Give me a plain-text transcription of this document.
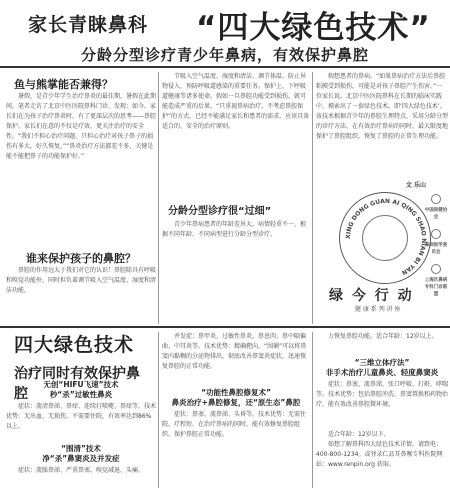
家长青睐鼻科 “四大绿色技术”
分龄分型诊疗青少年鼻病，有效保护鼻腔
鱼与熊掌能否兼得？

暑假，是青少年学生治疗鼻炎的最佳期，暑假在此期间，笔者走访了北京中医医院鼻科门诊，发现：如今，家长们在为孩子治疗鼻炎时，有了更深层次的思考——鼻腔保护。家长们在意的不仅是疗效，更关注治疗的安全性。“我们不担心治疗问题，只担心治疗对孩子鼻子的损伤有多大，好久恢复。”“鼻炎治疗方法都差不多，关键是能不能把鼻子的功能保护好。”

谁来保护孩子的鼻腔？

鼻腔的作用远大于我们对它的认识！鼻腔除具有呼吸和嗅觉功能外，同时担负着调节吸入空气温度、湿度和清洁功能。

节吸入空气温度、湿度和清洁、调节体温、防止异物侵入、预防呼吸道感染的重要任务。保护上、下呼吸道健康等诸多使命。假如一旦鼻腔功能受到损伤，就可能造成严重的后果。“只重视鼻病治疗，不考虑鼻腔保护”的方式，已经不能满足家长和患者的需求，应该具备适合的、安全的治疗原则。

分龄分型诊疗很“过细”

青少年鼻病患者的年龄差异大，病情轻重不一，根据不同年龄、不同病型进行分龄分型诊疗。

假想患者的鼻病。“如果鼻病治疗方法后鼻腔粘膜受到损伤，可能是对孩子鼻腔产生伤害。”一位家长说。北京中医医院鼻科在长期的临床实践中，摸索出了一套绿色技术，即‘四大绿色技术’。该技术根据青少年的鼻腔生理特点，采用分龄分型的诊疗方法，在有效治疗鼻病的同时，最大限度地保护了鼻腔组织，恢复了鼻腔的正常生理功能。

文 乐山
XING DONG GUAN AI QING SHAO NIAN BI YAN
绿 今 行 动
健 康 系 列 讲 座

中国保健协会

鼻病医学委员会

上海区鼻病专科门诊联盟
四大绿色技术
治疗同时有效保护鼻腔
无创“HIFU飞速”技术
秒“杀”过敏性鼻炎

症状：流清鼻涕、鼻痒、连续打喷嚏、鼻痒等。技术优势：无出血、无损伤，不需要住院，有效率达到86%以上。

“围清”技术
净“杀”鼻窦炎及并发症

症状：流脓鼻涕、严重鼻塞、嗅觉减退、头痛。

并发症：鼻甲炎、过敏性鼻炎、鼻息肉、鼻中隔偏曲、中耳炎等。技术优势：精确靶向，“围剿”可以将鼻窦内黏稠的分泌物排出，彻底改善鼻窦炎症状，迅速恢复鼻腔的正常功能。

“功能性鼻腔修复术”
鼻炎治疗+鼻腔修复，还“原生态”鼻腔

症状：鼻塞、流鼻涕、头昏等。技术优势：无需住院，疗程短。在治疗鼻病的同时，能有效修复鼻腔组织，保护鼻腔正常功能。

力恢复鼻腔功能。适合年龄：12岁以上。

“三维立体疗法”
非手术治疗儿童鼻炎、轻度鼻窦炎

症状：鼻塞、流鼻涕、张口呼吸、打鼾、哮喘等。技术优势：包括鼻腔冲洗、鼻窦置换和药物治疗，能有效改善鼻腔微环境。

适合年龄：12岁以下。

如想了解鼻科四大绿色技术详情，请致电：400-800-1234。或登录仁品耳鼻喉专科医院网站：www.renpin.org 获取。
